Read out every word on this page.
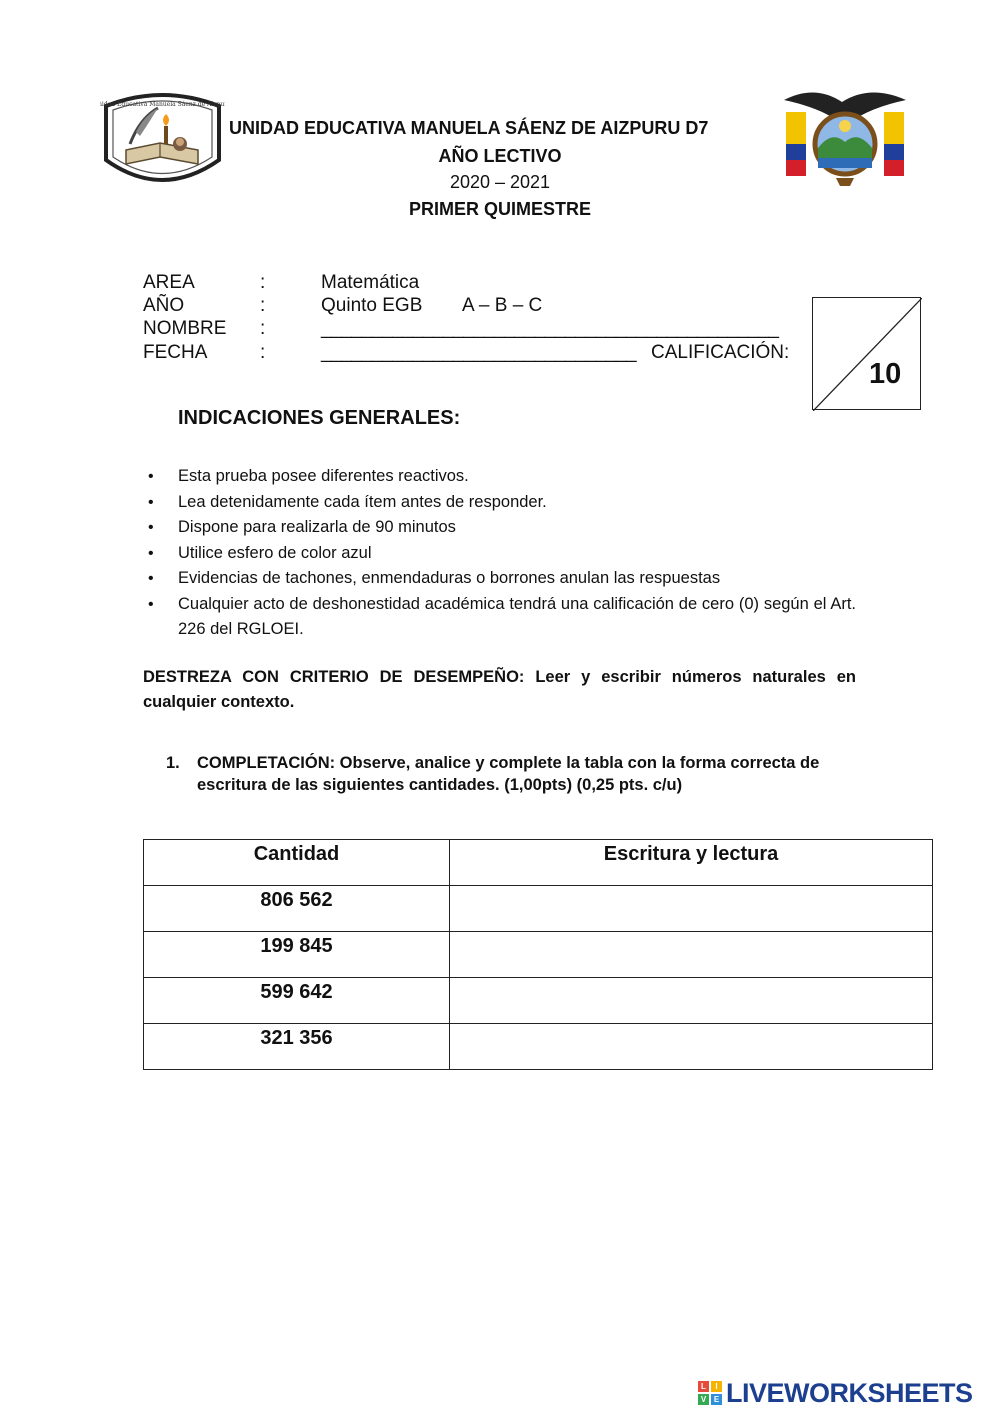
Unidad Educativa Manuela Sáenz de Aizpuru
UNIDAD EDUCATIVA MANUELA SÁENZ DE AIZPURU D7
AÑO LECTIVO
2020 – 2021
PRIMER QUIMESTRE
AREA	:	Matemática
AÑO	:	Quinto EGB A – B – C
NOMBRE :	_____________________________________________
FECHA	:	_______________________________ CALIFICACIÓN:
10
INDICACIONES GENERALES:
• Esta prueba posee diferentes reactivos.
• Lea detenidamente cada ítem antes de responder.
• Dispone para realizarla de 90 minutos
• Utilice esfero de color azul
• Evidencias de tachones, enmendaduras o borrones anulan las respuestas
• Cualquier acto de deshonestidad académica tendrá una calificación de cero (0) según el Art. 226 del RGLOEI.
DESTREZA CON CRITERIO DE DESEMPEÑO: Leer y escribir números naturales en cualquier contexto.
1. COMPLETACIÓN: Observe, analice y complete la tabla con la forma correcta de escritura de las siguientes cantidades. (1,00pts) (0,25 pts. c/u)
Cantidad	Escritura y lectura

806 562	

199 845	

599 642	

321 356	

L	I
V E LIVEWORKSHEETS
